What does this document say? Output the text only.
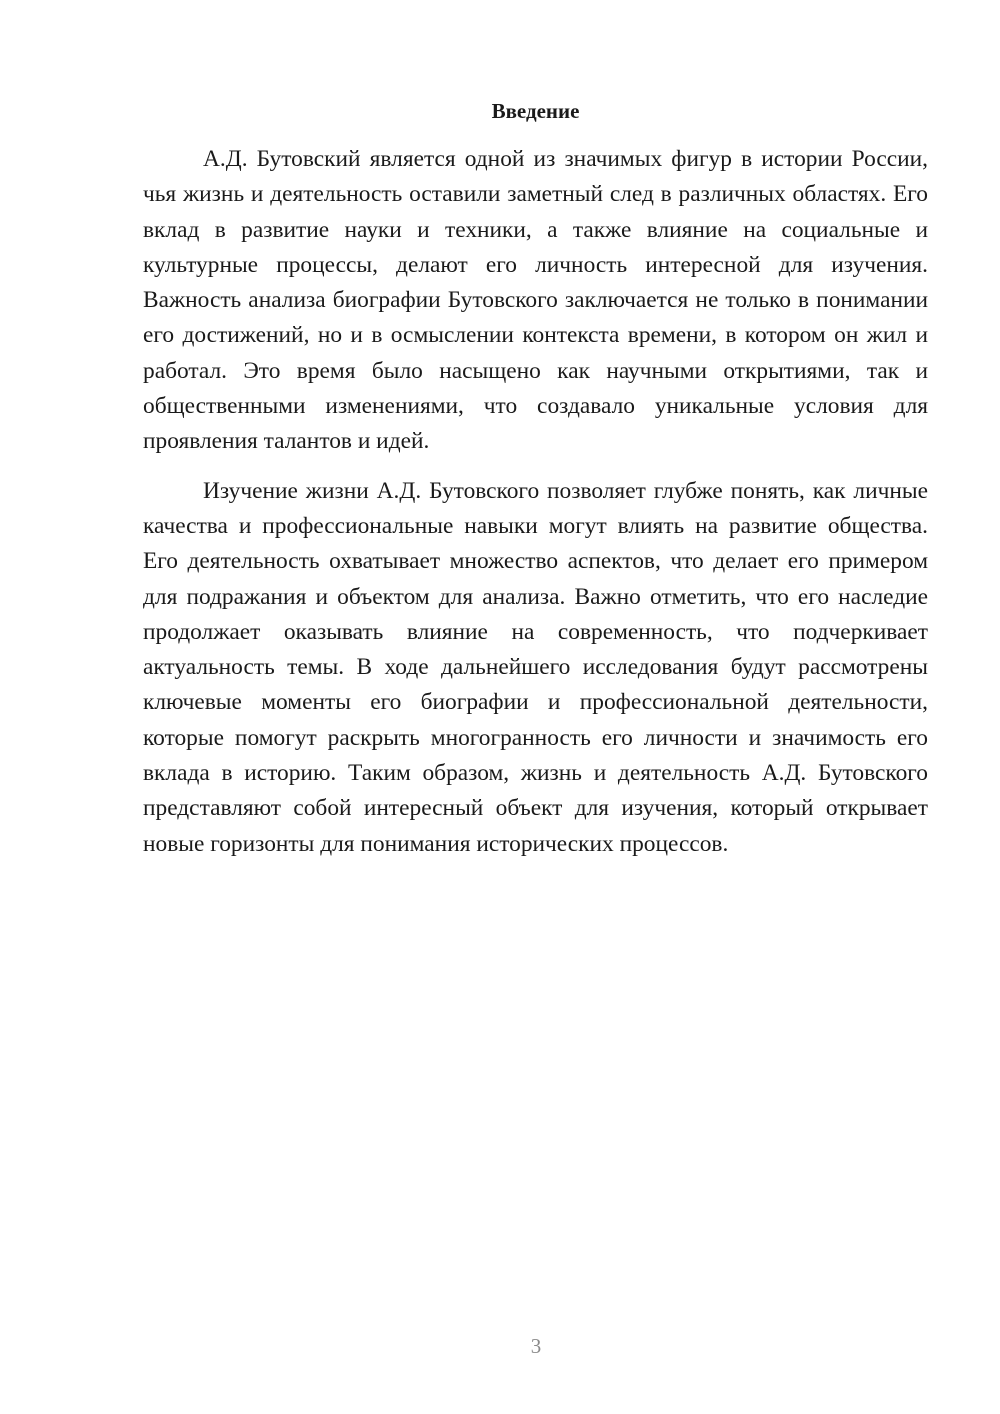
Введение

А.Д. Бутовский является одной из значимых фигур в истории России, чья жизнь и деятельность оставили заметный след в различных областях. Его вклад в развитие науки и техники, а также влияние на социальные и культурные процессы, делают его личность интересной для изучения. Важность анализа биографии Бутовского заключается не только в понимании его достижений, но и в осмыслении контекста времени, в котором он жил и работал. Это время было насыщено как научными открытиями, так и общественными изменениями, что создавало уникальные условия для проявления талантов и идей.

Изучение жизни А.Д. Бутовского позволяет глубже понять, как личные качества и профессиональные навыки могут влиять на развитие общества. Его деятельность охватывает множество аспектов, что делает его примером для подражания и объектом для анализа. Важно отметить, что его наследие продолжает оказывать влияние на современность, что подчеркивает актуальность темы. В ходе дальнейшего исследования будут рассмотрены ключевые моменты его биографии и профессиональной деятельности, которые помогут раскрыть многогранность его личности и значимость его вклада в историю. Таким образом, жизнь и деятельность А.Д. Бутовского представляют собой интересный объект для изучения, который открывает новые горизонты для понимания исторических процессов.

3
